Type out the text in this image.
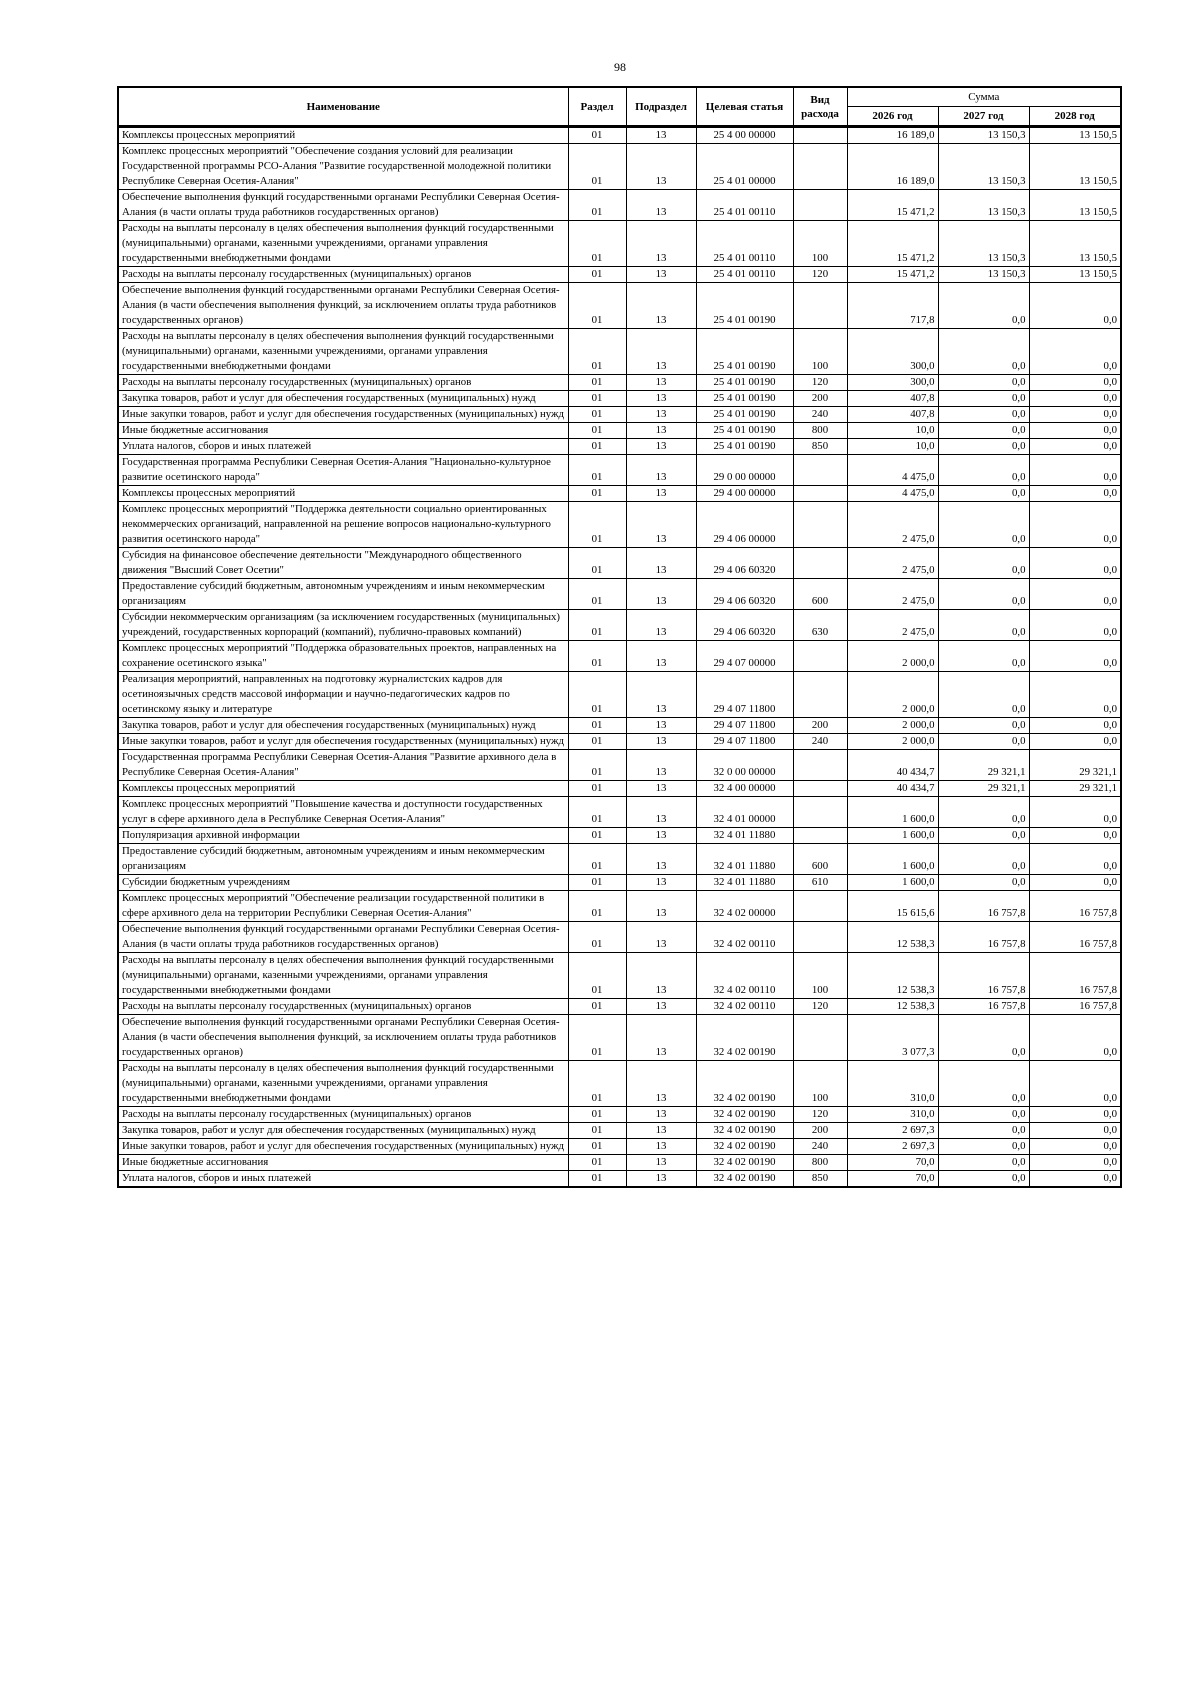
98
Наименование	Раздел	Подраздел	Целевая статья	Вид расхода	Сумма		
					2026 год	2027 год	2028 год
Комплексы процессных мероприятий	01	13	25 4 00 00000		16 189,0	13 150,3	13 150,5
Комплекс процессных мероприятий "Обеспечение создания условий для реализации Государственной программы РСО-Алания "Развитие государственной молодежной политики Республике Северная Осетия-Алания"	01	13	25 4 01 00000		16 189,0	13 150,3	13 150,5
Обеспечение выполнения функций государственными органами Республики Северная Осетия-Алания (в части оплаты труда работников государственных органов)	01	13	25 4 01 00110		15 471,2	13 150,3	13 150,5
Расходы на выплаты персоналу в целях обеспечения выполнения функций государственными (муниципальными) органами, казенными учреждениями, органами управления государственными внебюджетными фондами	01	13	25 4 01 00110	100	15 471,2	13 150,3	13 150,5
Расходы на выплаты персоналу государственных (муниципальных) органов	01	13	25 4 01 00110	120	15 471,2	13 150,3	13 150,5
Обеспечение выполнения функций государственными органами Республики Северная Осетия-Алания (в части обеспечения выполнения функций, за исключением оплаты труда работников государственных органов)	01	13	25 4 01 00190		717,8	0,0	0,0
Расходы на выплаты персоналу в целях обеспечения выполнения функций государственными (муниципальными) органами, казенными учреждениями, органами управления государственными внебюджетными фондами	01	13	25 4 01 00190	100	300,0	0,0	0,0
Расходы на выплаты персоналу государственных (муниципальных) органов	01	13	25 4 01 00190	120	300,0	0,0	0,0
Закупка товаров, работ и услуг для обеспечения государственных (муниципальных) нужд	01	13	25 4 01 00190	200	407,8	0,0	0,0
Иные закупки товаров, работ и услуг для обеспечения государственных (муниципальных) нужд	01	13	25 4 01 00190	240	407,8	0,0	0,0
Иные бюджетные ассигнования	01	13	25 4 01 00190	800	10,0	0,0	0,0
Уплата налогов, сборов и иных платежей	01	13	25 4 01 00190	850	10,0	0,0	0,0
Государственная программа Республики Северная Осетия-Алания "Национально-культурное развитие осетинского народа"	01	13	29 0 00 00000		4 475,0	0,0	0,0
Комплексы процессных мероприятий	01	13	29 4 00 00000		4 475,0	0,0	0,0
Комплекс процессных мероприятий "Поддержка деятельности социально ориентированных некоммерческих организаций, направленной на решение вопросов национально-культурного развития осетинского народа"	01	13	29 4 06 00000		2 475,0	0,0	0,0
Субсидия на финансовое обеспечение деятельности "Международного общественного движения "Высший Совет Осетии"	01	13	29 4 06 60320		2 475,0	0,0	0,0
Предоставление субсидий бюджетным, автономным учреждениям и иным некоммерческим организациям	01	13	29 4 06 60320	600	2 475,0	0,0	0,0
Субсидии некоммерческим организациям (за исключением государственных (муниципальных) учреждений, государственных корпораций (компаний), публично-правовых компаний)	01	13	29 4 06 60320	630	2 475,0	0,0	0,0
Комплекс процессных мероприятий "Поддержка образовательных проектов, направленных на сохранение осетинского языка"	01	13	29 4 07 00000		2 000,0	0,0	0,0
Реализация мероприятий, направленных на подготовку журналистских кадров для осетиноязычных средств массовой информации и научно-педагогических кадров по осетинскому языку и литературе	01	13	29 4 07 11800		2 000,0	0,0	0,0
Закупка товаров, работ и услуг для обеспечения государственных (муниципальных) нужд	01	13	29 4 07 11800	200	2 000,0	0,0	0,0
Иные закупки товаров, работ и услуг для обеспечения государственных (муниципальных) нужд	01	13	29 4 07 11800	240	2 000,0	0,0	0,0
Государственная программа Республики Северная Осетия-Алания "Развитие архивного дела в Республике Северная Осетия-Алания"	01	13	32 0 00 00000		40 434,7	29 321,1	29 321,1
Комплексы процессных мероприятий	01	13	32 4 00 00000		40 434,7	29 321,1	29 321,1
Комплекс процессных мероприятий "Повышение качества и доступности государственных услуг в сфере архивного дела в Республике Северная Осетия-Алания"	01	13	32 4 01 00000		1 600,0	0,0	0,0
Популяризация архивной информации	01	13	32 4 01 11880		1 600,0	0,0	0,0
Предоставление субсидий бюджетным, автономным учреждениям и иным некоммерческим организациям	01	13	32 4 01 11880	600	1 600,0	0,0	0,0
Субсидии бюджетным учреждениям	01	13	32 4 01 11880	610	1 600,0	0,0	0,0
Комплекс процессных мероприятий "Обеспечение реализации государственной политики в сфере архивного дела на территории Республики Северная Осетия-Алания"	01	13	32 4 02 00000		15 615,6	16 757,8	16 757,8
Обеспечение выполнения функций государственными органами Республики Северная Осетия-Алания (в части оплаты труда работников государственных органов)	01	13	32 4 02 00110		12 538,3	16 757,8	16 757,8
Расходы на выплаты персоналу в целях обеспечения выполнения функций государственными (муниципальными) органами, казенными учреждениями, органами управления государственными внебюджетными фондами	01	13	32 4 02 00110	100	12 538,3	16 757,8	16 757,8
Расходы на выплаты персоналу государственных (муниципальных) органов	01	13	32 4 02 00110	120	12 538,3	16 757,8	16 757,8
Обеспечение выполнения функций государственными органами Республики Северная Осетия-Алания (в части обеспечения выполнения функций, за исключением оплаты труда работников государственных органов)	01	13	32 4 02 00190		3 077,3	0,0	0,0
Расходы на выплаты персоналу в целях обеспечения выполнения функций государственными (муниципальными) органами, казенными учреждениями, органами управления государственными внебюджетными фондами	01	13	32 4 02 00190	100	310,0	0,0	0,0
Расходы на выплаты персоналу государственных (муниципальных) органов	01	13	32 4 02 00190	120	310,0	0,0	0,0
Закупка товаров, работ и услуг для обеспечения государственных (муниципальных) нужд	01	13	32 4 02 00190	200	2 697,3	0,0	0,0
Иные закупки товаров, работ и услуг для обеспечения государственных (муниципальных) нужд	01	13	32 4 02 00190	240	2 697,3	0,0	0,0
Иные бюджетные ассигнования	01	13	32 4 02 00190	800	70,0	0,0	0,0
Уплата налогов, сборов и иных платежей	01	13	32 4 02 00190	850	70,0	0,0	0,0
